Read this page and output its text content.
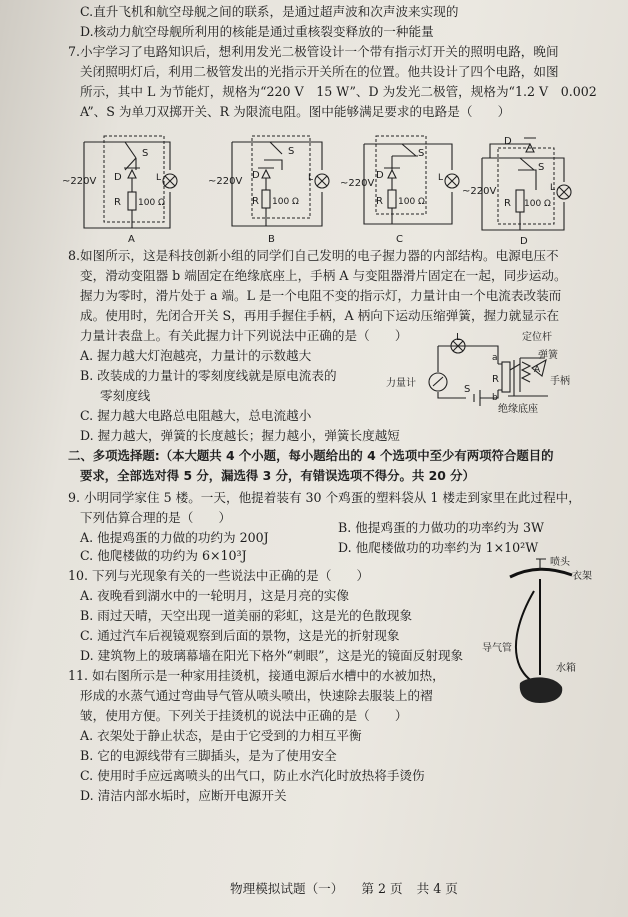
C.直升飞机和航空母舰之间的联系，是通过超声波和次声波来实现的
D.核动力航空母舰所利用的核能是通过重核裂变释放的一种能量
7.小宇学习了电路知识后，想利用发光二极管设计一个带有指示灯开关的照明电路，晚间
关闭照明灯后，利用二极管发出的光指示开关所在的位置。他共设计了四个电路，如图
所示，其中 L 为节能灯，规格为“220 V　15 W”、D 为发光二极管，规格为“1.2 V　0.002
A”、S 为单刀双掷开关、R 为限流电阻。图中能够满足要求的电路是（　　）
~220V
S
D
R 100 Ω
L
A
~220V
S
D
R 100 Ω
L
B
~220V
S
D
R 100 Ω
L
C
~220V
S
D
R 100 Ω
L
D
8.如图所示，这是科技创新小组的同学们自己发明的电子握力器的内部结构。电源电压不
变，滑动变阻器 b 端固定在绝缘底座上，手柄 A 与变阻器滑片固定在一起，同步运动。
握力为零时，滑片处于 a 端。L 是一个电阻不变的指示灯，力量计由一个电流表改装而
成。使用时，先闭合开关 S，再用手握住手柄，A 柄向下运动压缩弹簧，握力就显示在
力量计表盘上。有关此握力计下列说法中正确的是（　　）
A. 握力越大灯泡越亮，力量计的示数越大
B. 改装成的力量计的零刻度线就是原电流表的
零刻度线
C. 握力越大电路总电阻越大，总电流越小
D. 握力越大，弹簧的长度越长；握力越小，弹簧长度越短
L
力量计
S
a
b
R
A
定位杆
弹簧
手柄
绝缘底座
二、多项选择题:（本大题共 4 个小题，每小题给出的 4 个选项中至少有两项符合题目的
要求，全部选对得 5 分，漏选得 3 分，有错误选项不得分。共 20 分）
9. 小明同学家住 5 楼。一天，他提着装有 30 个鸡蛋的塑料袋从 1 楼走到家里在此过程中，
下列估算合理的是（　　）
A. 他提鸡蛋的力做的功约为 200J
B. 他提鸡蛋的力做功的功率约为 3W
C. 他爬楼做的功约为 6×10³J
D. 他爬楼做功的功率约为 1×10²W
10. 下列与光现象有关的一些说法中正确的是（　　）
A. 夜晚看到湖水中的一轮明月，这是月亮的实像
B. 雨过天晴，天空出现一道美丽的彩虹，这是光的色散现象
C. 通过汽车后视镜观察到后面的景物，这是光的折射现象
D. 建筑物上的玻璃幕墙在阳光下格外“刺眼”，这是光的镜面反射现象
11. 如右图所示是一种家用挂烫机，接通电源后水槽中的水被加热，
形成的水蒸气通过弯曲导气管从喷头喷出，快速除去服装上的褶
皱，使用方便。下列关于挂烫机的说法中正确的是（　　）
A. 衣架处于静止状态，是由于它受到的力相互平衡
B. 它的电源线带有三脚插头，是为了使用安全
C. 使用时手应远离喷头的出气口，防止水汽化时放热将手烫伤
D. 清洁内部水垢时，应断开电源开关
喷头
衣架
导气管
水箱
物理模拟试题（一） 第 2 页 共 4 页
